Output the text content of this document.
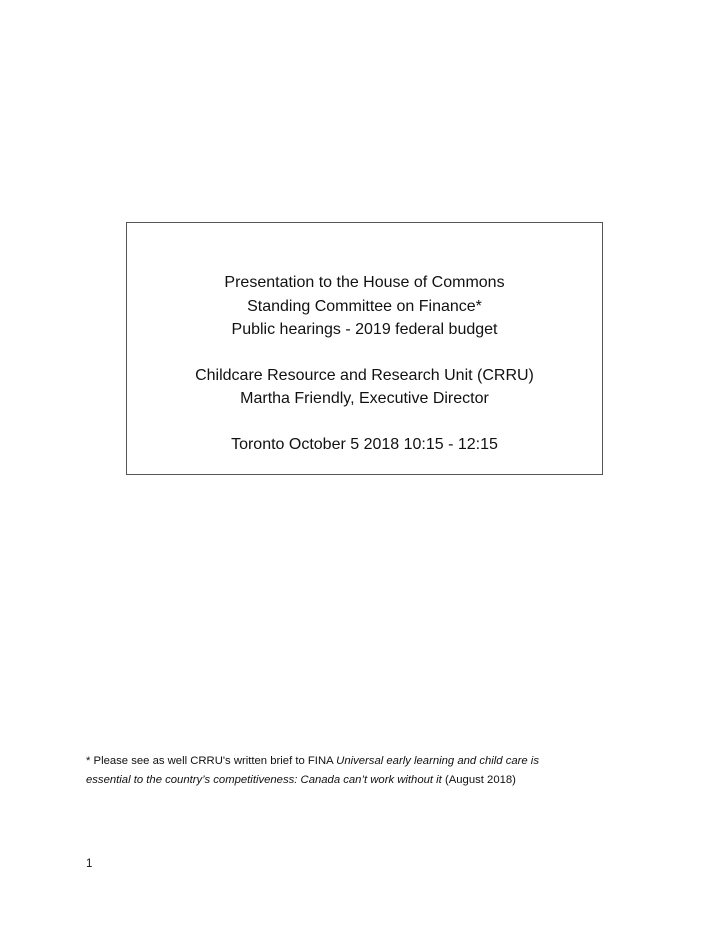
Presentation to the House of Commons
Standing Committee on Finance*
Public hearings - 2019 federal budget
Childcare Resource and Research Unit (CRRU)
Martha Friendly, Executive Director
Toronto October 5 2018 10:15 - 12:15
* Please see as well CRRU's written brief to FINA Universal early learning and child care is
essential to the country’s competitiveness: Canada can’t work without it (August 2018)
1
